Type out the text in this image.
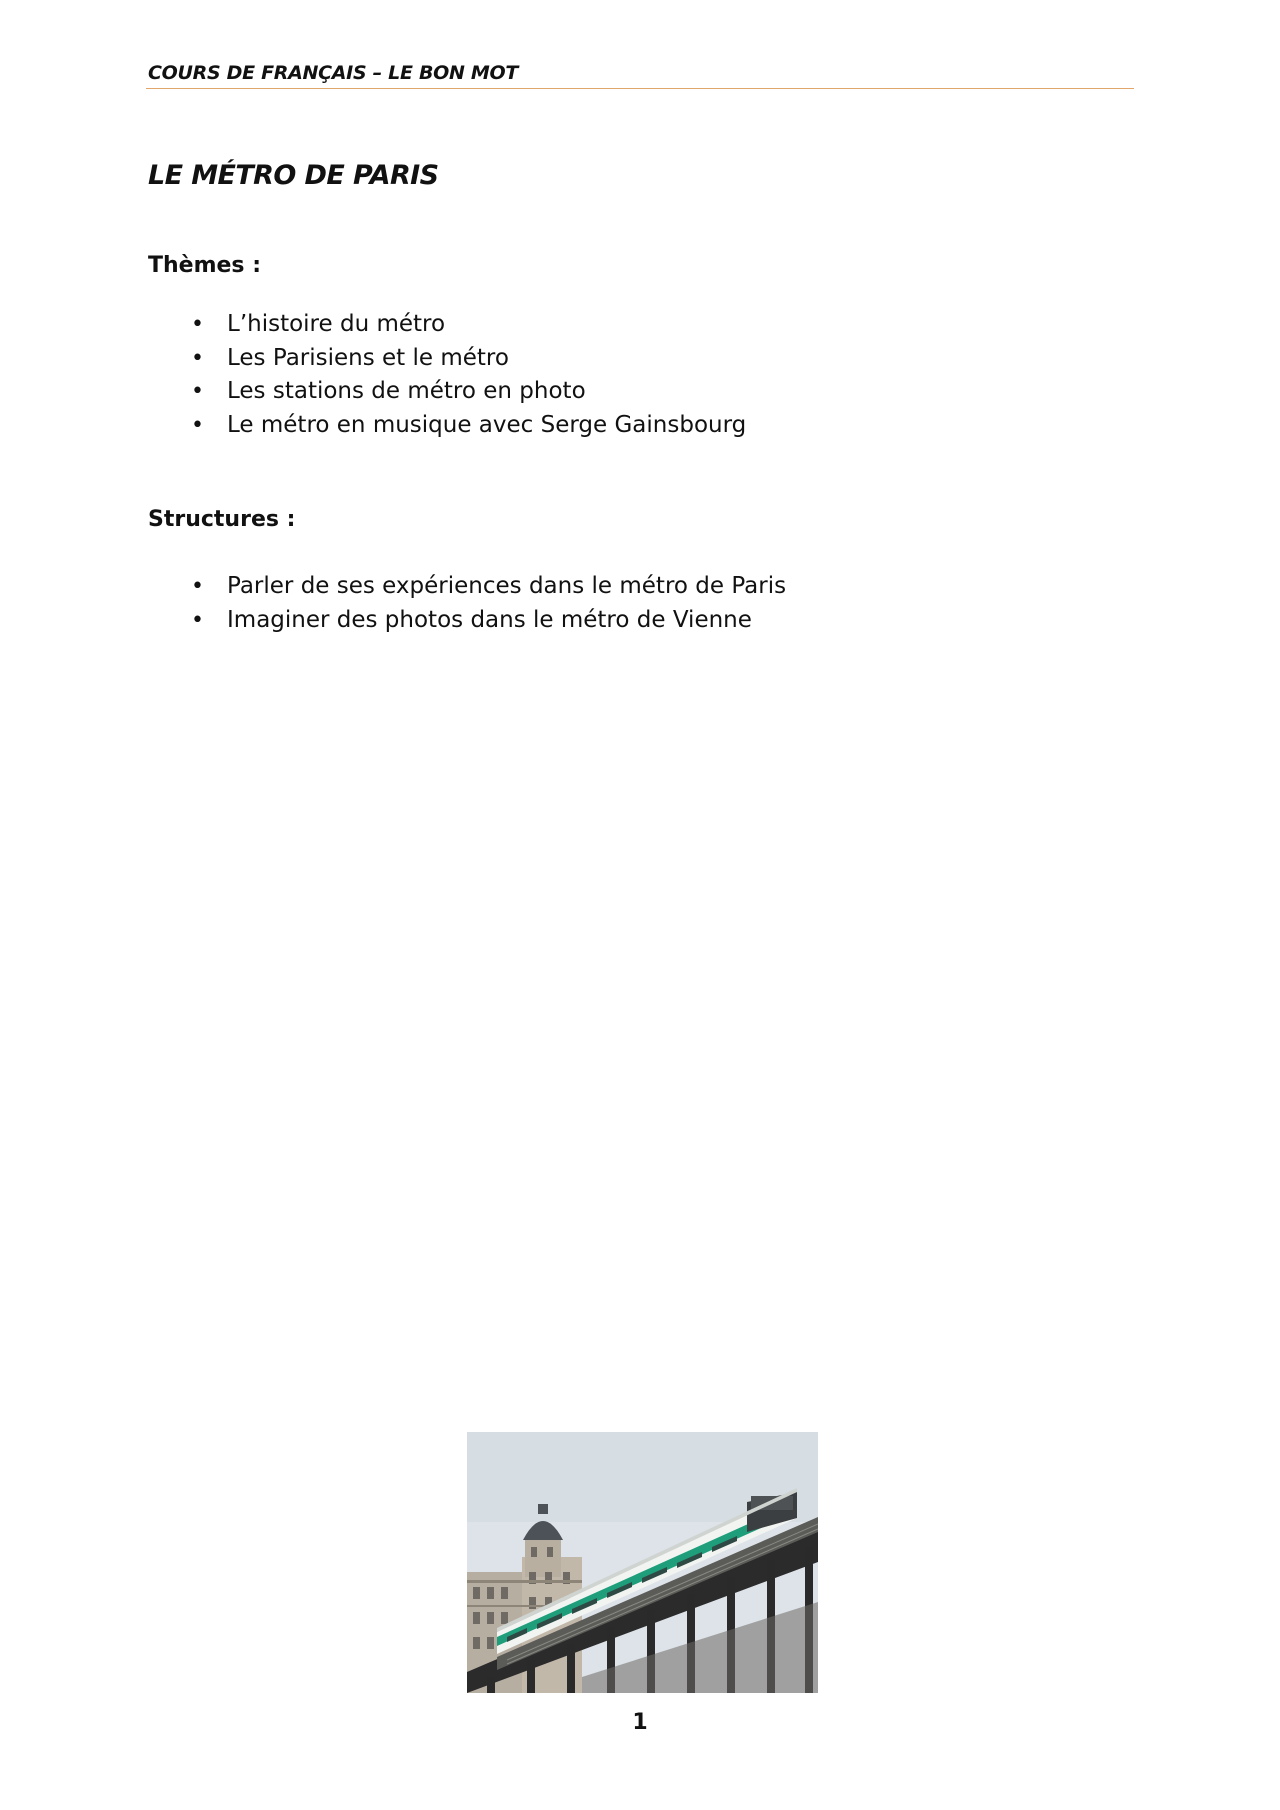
COURS DE FRANÇAIS – LE BON MOT
LE MÉTRO DE PARIS
Thèmes :
• L’histoire du métro
• Les Parisiens et le métro
• Les stations de métro en photo
• Le métro en musique avec Serge Gainsbourg
Structures :
• Parler de ses expériences dans le métro de Paris
• Imaginer des photos dans le métro de Vienne
1
